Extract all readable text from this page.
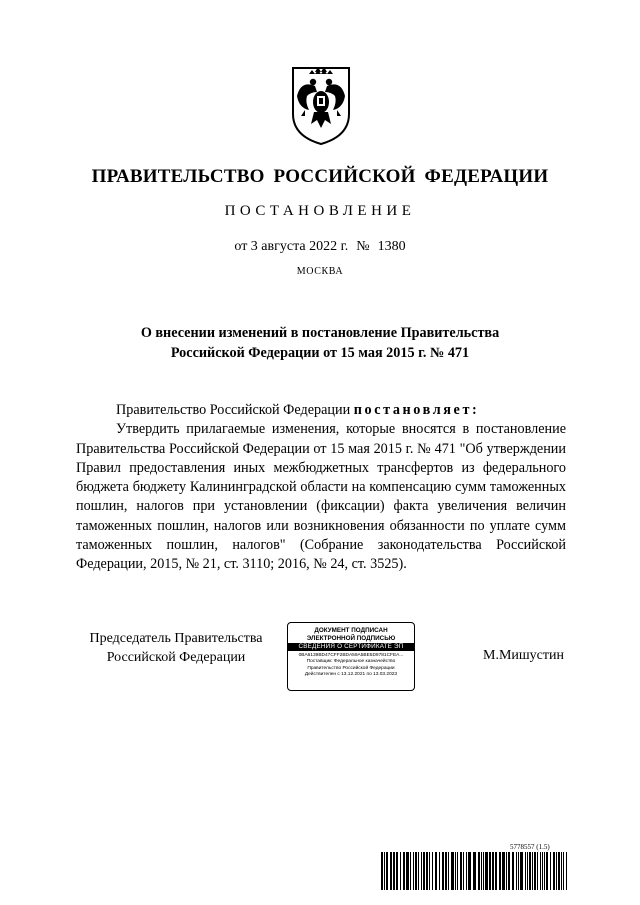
ПРАВИТЕЛЬСТВО РОССИЙСКОЙ ФЕДЕРАЦИИ
ПОСТАНОВЛЕНИЕ
от 3 августа 2022 г. № 1380
МОСКВА
О внесении изменений в постановление Правительства
Российской Федерации от 15 мая 2015 г. № 471

Правительство Российской Федерации постановляет:

Утвердить прилагаемые изменения, которые вносятся в постановление Правительства Российской Федерации от 15 мая 2015 г. № 471 "Об утверждении Правил предоставления иных межбюджетных трансфертов из федерального бюджета бюджету Калининградской области на компенсацию сумм таможенных пошлин, налогов при установлении (фиксации) факта увеличения величин таможенных пошлин, налогов или возникновения обязанности по уплате сумм таможенных пошлин, налогов" (Собрание законодательства Российской Федерации, 2015, № 21, ст. 3110; 2016, № 24, ст. 3525).

Председатель Правительства
Российской Федерации
ДОКУМЕНТ ПОДПИСАН
ЭЛЕКТРОННОЙ ПОДПИСЬЮ
СВЕДЕНИЯ О СЕРТИФИКАТЕ ЭП
0BA6139BD47CFF2BDA59A5BE5D9781CFEA...
Поставщик: Федеральное казначейство
Правительство Российской Федерации
Действителен с 13.12.2021 по 13.03.2023
М.Мишустин
5778557 (1.5)
